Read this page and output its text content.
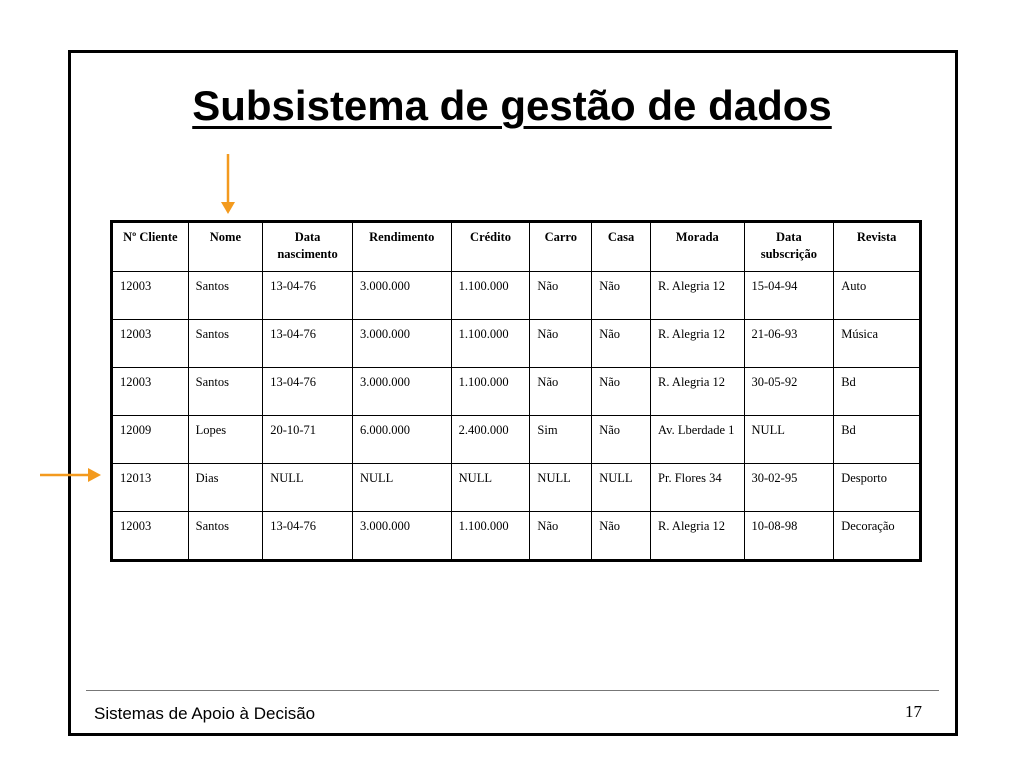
Subsistema de gestão de dados
Nº Cliente	Nome	Data nascimento	Rendimento	Crédito	Carro	Casa	Morada	Data subscrição	Revista
12003	Santos	13-04-76	3.000.000	1.100.000	Não	Não	R. Alegria 12	15-04-94	Auto
12003	Santos	13-04-76	3.000.000	1.100.000	Não	Não	R. Alegria 12	21-06-93	Música
12003	Santos	13-04-76	3.000.000	1.100.000	Não	Não	R. Alegria 12	30-05-92	Bd
12009	Lopes	20-10-71	6.000.000	2.400.000	Sim	Não	Av. Lberdade 1	NULL	Bd
12013	Dias	NULL	NULL	NULL	NULL	NULL	Pr. Flores 34	30-02-95	Desporto
12003	Santos	13-04-76	3.000.000	1.100.000	Não	Não	R. Alegria 12	10-08-98	Decoração
Sistemas de Apoio à Decisão	17
